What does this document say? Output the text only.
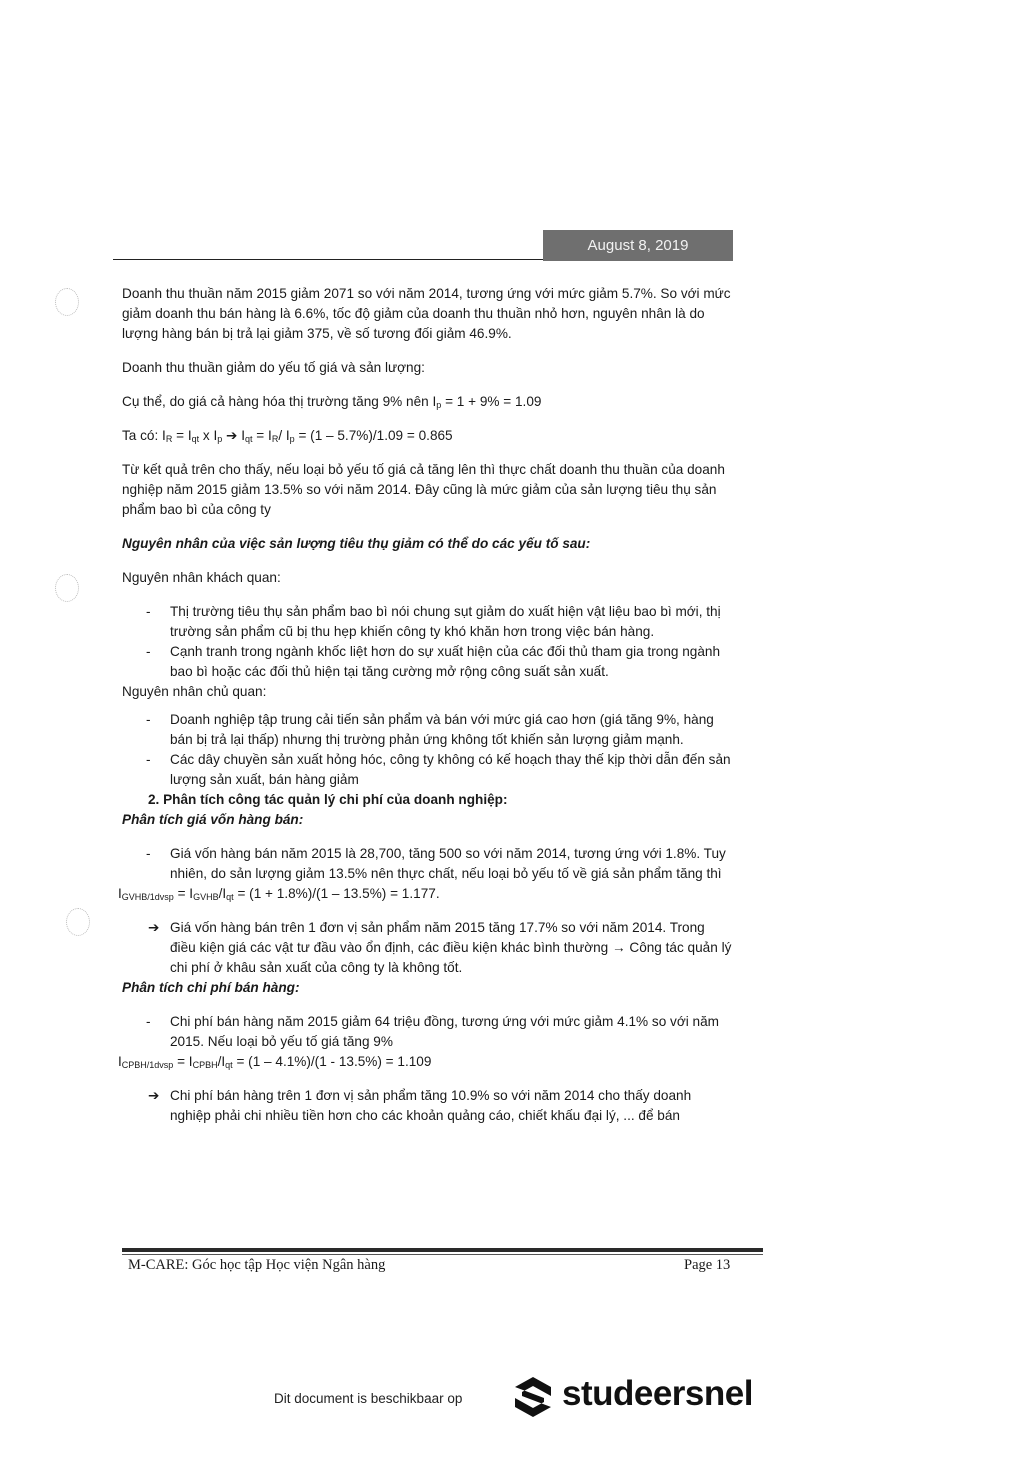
August 8, 2019

Doanh thu thuần năm 2015 giảm 2071 so với năm 2014, tương ứng với mức giảm 5.7%. So với mức giảm doanh thu bán hàng là 6.6%, tốc độ giảm của doanh thu thuần nhỏ hơn, nguyên nhân là do lượng hàng bán bị trả lại giảm 375, về số tương đối giảm 46.9%.

Doanh thu thuần giảm do yếu tố giá và sản lượng:

Cụ thể, do giá cả hàng hóa thị trường tăng 9% nên $I_p = 1 + 9\% = 1.09$

Ta có: $I_R = I_{qt}$ x $I_p$ ➔ $I_{qt} = I_R/$ $I_p = (1 - 5.7\%)/1.09 = 0.865$

Từ kết quả trên cho thấy, nếu loại bỏ yếu tố giá cả tăng lên thì thực chất doanh thu thuần của doanh nghiệp năm 2015 giảm 13.5% so với năm 2014. Đây cũng là mức giảm của sản lượng tiêu thụ sản phẩm bao bì của công ty

Nguyên nhân của việc sản lượng tiêu thụ giảm có thể do các yếu tố sau:

Nguyên nhân khách quan:

- Thị trường tiêu thụ sản phẩm bao bì nói chung sụt giảm do xuất hiện vật liệu bao bì mới, thị trường sản phẩm cũ bị thu hẹp khiến công ty khó khăn hơn trong việc bán hàng.
- Cạnh tranh trong ngành khốc liệt hơn do sự xuất hiện của các đối thủ tham gia trong ngành bao bì hoặc các đối thủ hiện tại tăng cường mở rộng công suất sản xuất.

Nguyên nhân chủ quan:

- Doanh nghiệp tập trung cải tiến sản phẩm và bán với mức giá cao hơn (giá tăng 9%, hàng bán bị trả lại thấp) nhưng thị trường phản ứng không tốt khiến sản lượng giảm mạnh.
- Các dây chuyền sản xuất hỏng hóc, công ty không có kế hoạch thay thế kịp thời dẫn đến sản lượng sản xuất, bán hàng giảm

2. Phân tích công tác quản lý chi phí của doanh nghiệp:

Phân tích giá vốn hàng bán:

- Giá vốn hàng bán năm 2015 là 28,700, tăng 500 so với năm 2014, tương ứng với 1.8%. Tuy nhiên, do sản lượng giảm 13.5% nên thực chất, nếu loại bỏ yếu tố về giá sản phẩm tăng thì

$I_{GVHB/1dvsp} = I_{GVHB}/I_{qt} = (1 + 1.8\%)/(1 - 13.5\%) = 1.177$.

➔ Giá vốn hàng bán trên 1 đơn vị sản phẩm năm 2015 tăng 17.7% so với năm 2014. Trong điều kiện giá các vật tư đầu vào ổn định, các điều kiện khác bình thường → Công tác quản lý chi phí ở khâu sản xuất của công ty là không tốt.

Phân tích chi phí bán hàng:

- Chi phí bán hàng năm 2015 giảm 64 triệu đồng, tương ứng với mức giảm 4.1% so với năm 2015. Nếu loại bỏ yếu tố giá tăng 9%

$I_{CPBH/1dvsp} = I_{CPBH}/I_{qt} = (1 - 4.1\%)/(1 - 13.5\%) = 1.109$

➔ Chi phí bán hàng trên 1 đơn vị sản phẩm tăng 10.9% so với năm 2014 cho thấy doanh nghiệp phải chi nhiều tiền hơn cho các khoản quảng cáo, chiết khấu đại lý, ... để bán

M-CARE: Góc học tập Học viện Ngân hàng	Page 13
Dit document is beschikbaar op	studeersnel
